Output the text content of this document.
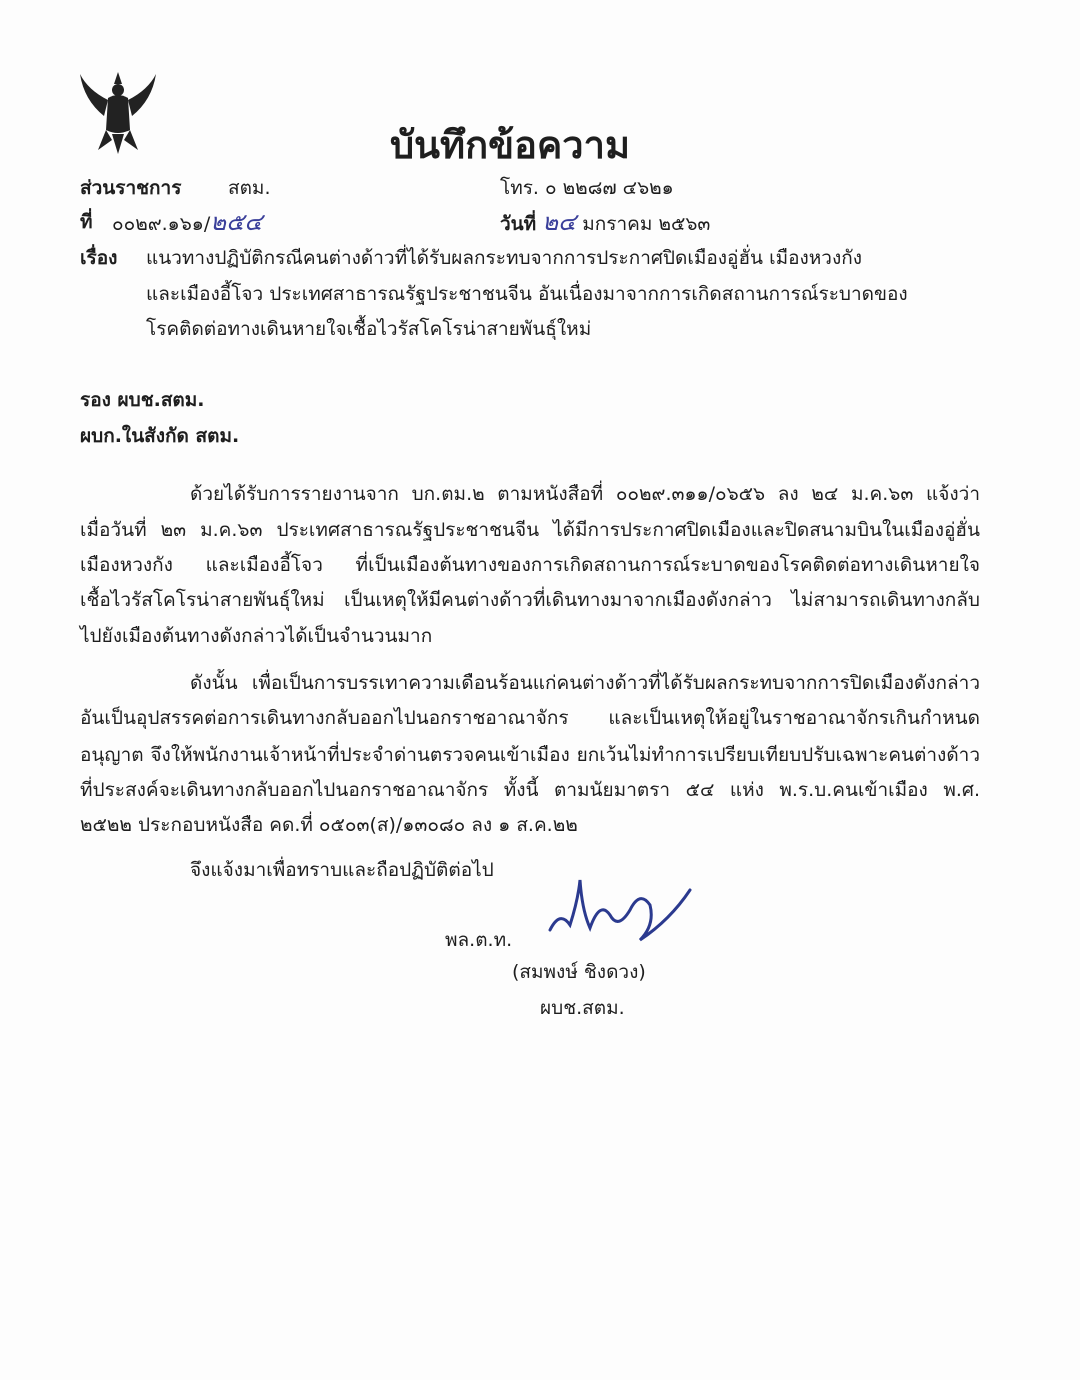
บันทึกข้อความ
ส่วนราชการ สตม.	โทร. ๐ ๒๒๘๗ ๔๖๒๑
ที่ ๐๐๒๙.๑๖๑/๒๕๔	วันที่ ๒๔ มกราคม ๒๕๖๓
เรื่อง แนวทางปฏิบัติกรณีคนต่างด้าวที่ได้รับผลกระทบจากการประกาศปิดเมืองอู่ฮั่น เมืองหวงกัง
และเมืองอี้โจว ประเทศสาธารณรัฐประชาชนจีน อันเนื่องมาจากการเกิดสถานการณ์ระบาดของ
โรคติดต่อทางเดินหายใจเชื้อไวรัสโคโรน่าสายพันธุ์ใหม่
รอง ผบช.สตม.
ผบก.ในสังกัด สตม.
ด้วยได้รับการรายงานจาก บก.ตม.๒ ตามหนังสือที่ ๐๐๒๙.๓๑๑/๐๖๕๖ ลง ๒๔ ม.ค.๖๓ แจ้งว่า
เมื่อวันที่ ๒๓ ม.ค.๖๓ ประเทศสาธารณรัฐประชาชนจีน ได้มีการประกาศปิดเมืองและปิดสนามบินในเมืองอู่ฮั่น
เมืองหวงกัง และเมืองอี้โจว ที่เป็นเมืองต้นทางของการเกิดสถานการณ์ระบาดของโรคติดต่อทางเดินหายใจ
เชื้อไวรัสโคโรน่าสายพันธุ์ใหม่ เป็นเหตุให้มีคนต่างด้าวที่เดินทางมาจากเมืองดังกล่าว ไม่สามารถเดินทางกลับ
ไปยังเมืองต้นทางดังกล่าวได้เป็นจำนวนมาก
ดังนั้น เพื่อเป็นการบรรเทาความเดือนร้อนแก่คนต่างด้าวที่ได้รับผลกระทบจากการปิดเมืองดังกล่าว
อันเป็นอุปสรรคต่อการเดินทางกลับออกไปนอกราชอาณาจักร และเป็นเหตุให้อยู่ในราชอาณาจักรเกินกำหนด
อนุญาต จึงให้พนักงานเจ้าหน้าที่ประจำด่านตรวจคนเข้าเมือง ยกเว้นไม่ทำการเปรียบเทียบปรับเฉพาะคนต่างด้าว
ที่ประสงค์จะเดินทางกลับออกไปนอกราชอาณาจักร ทั้งนี้ ตามนัยมาตรา ๕๔ แห่ง พ.ร.บ.คนเข้าเมือง พ.ศ.
๒๕๒๒ ประกอบหนังสือ คด.ที่ ๐๕๐๓(ส)/๑๓๐๘๐ ลง ๑ ส.ค.๒๒
จึงแจ้งมาเพื่อทราบและถือปฏิบัติต่อไป
พล.ต.ท.
(สมพงษ์ ชิงดวง)
ผบช.สตม.
